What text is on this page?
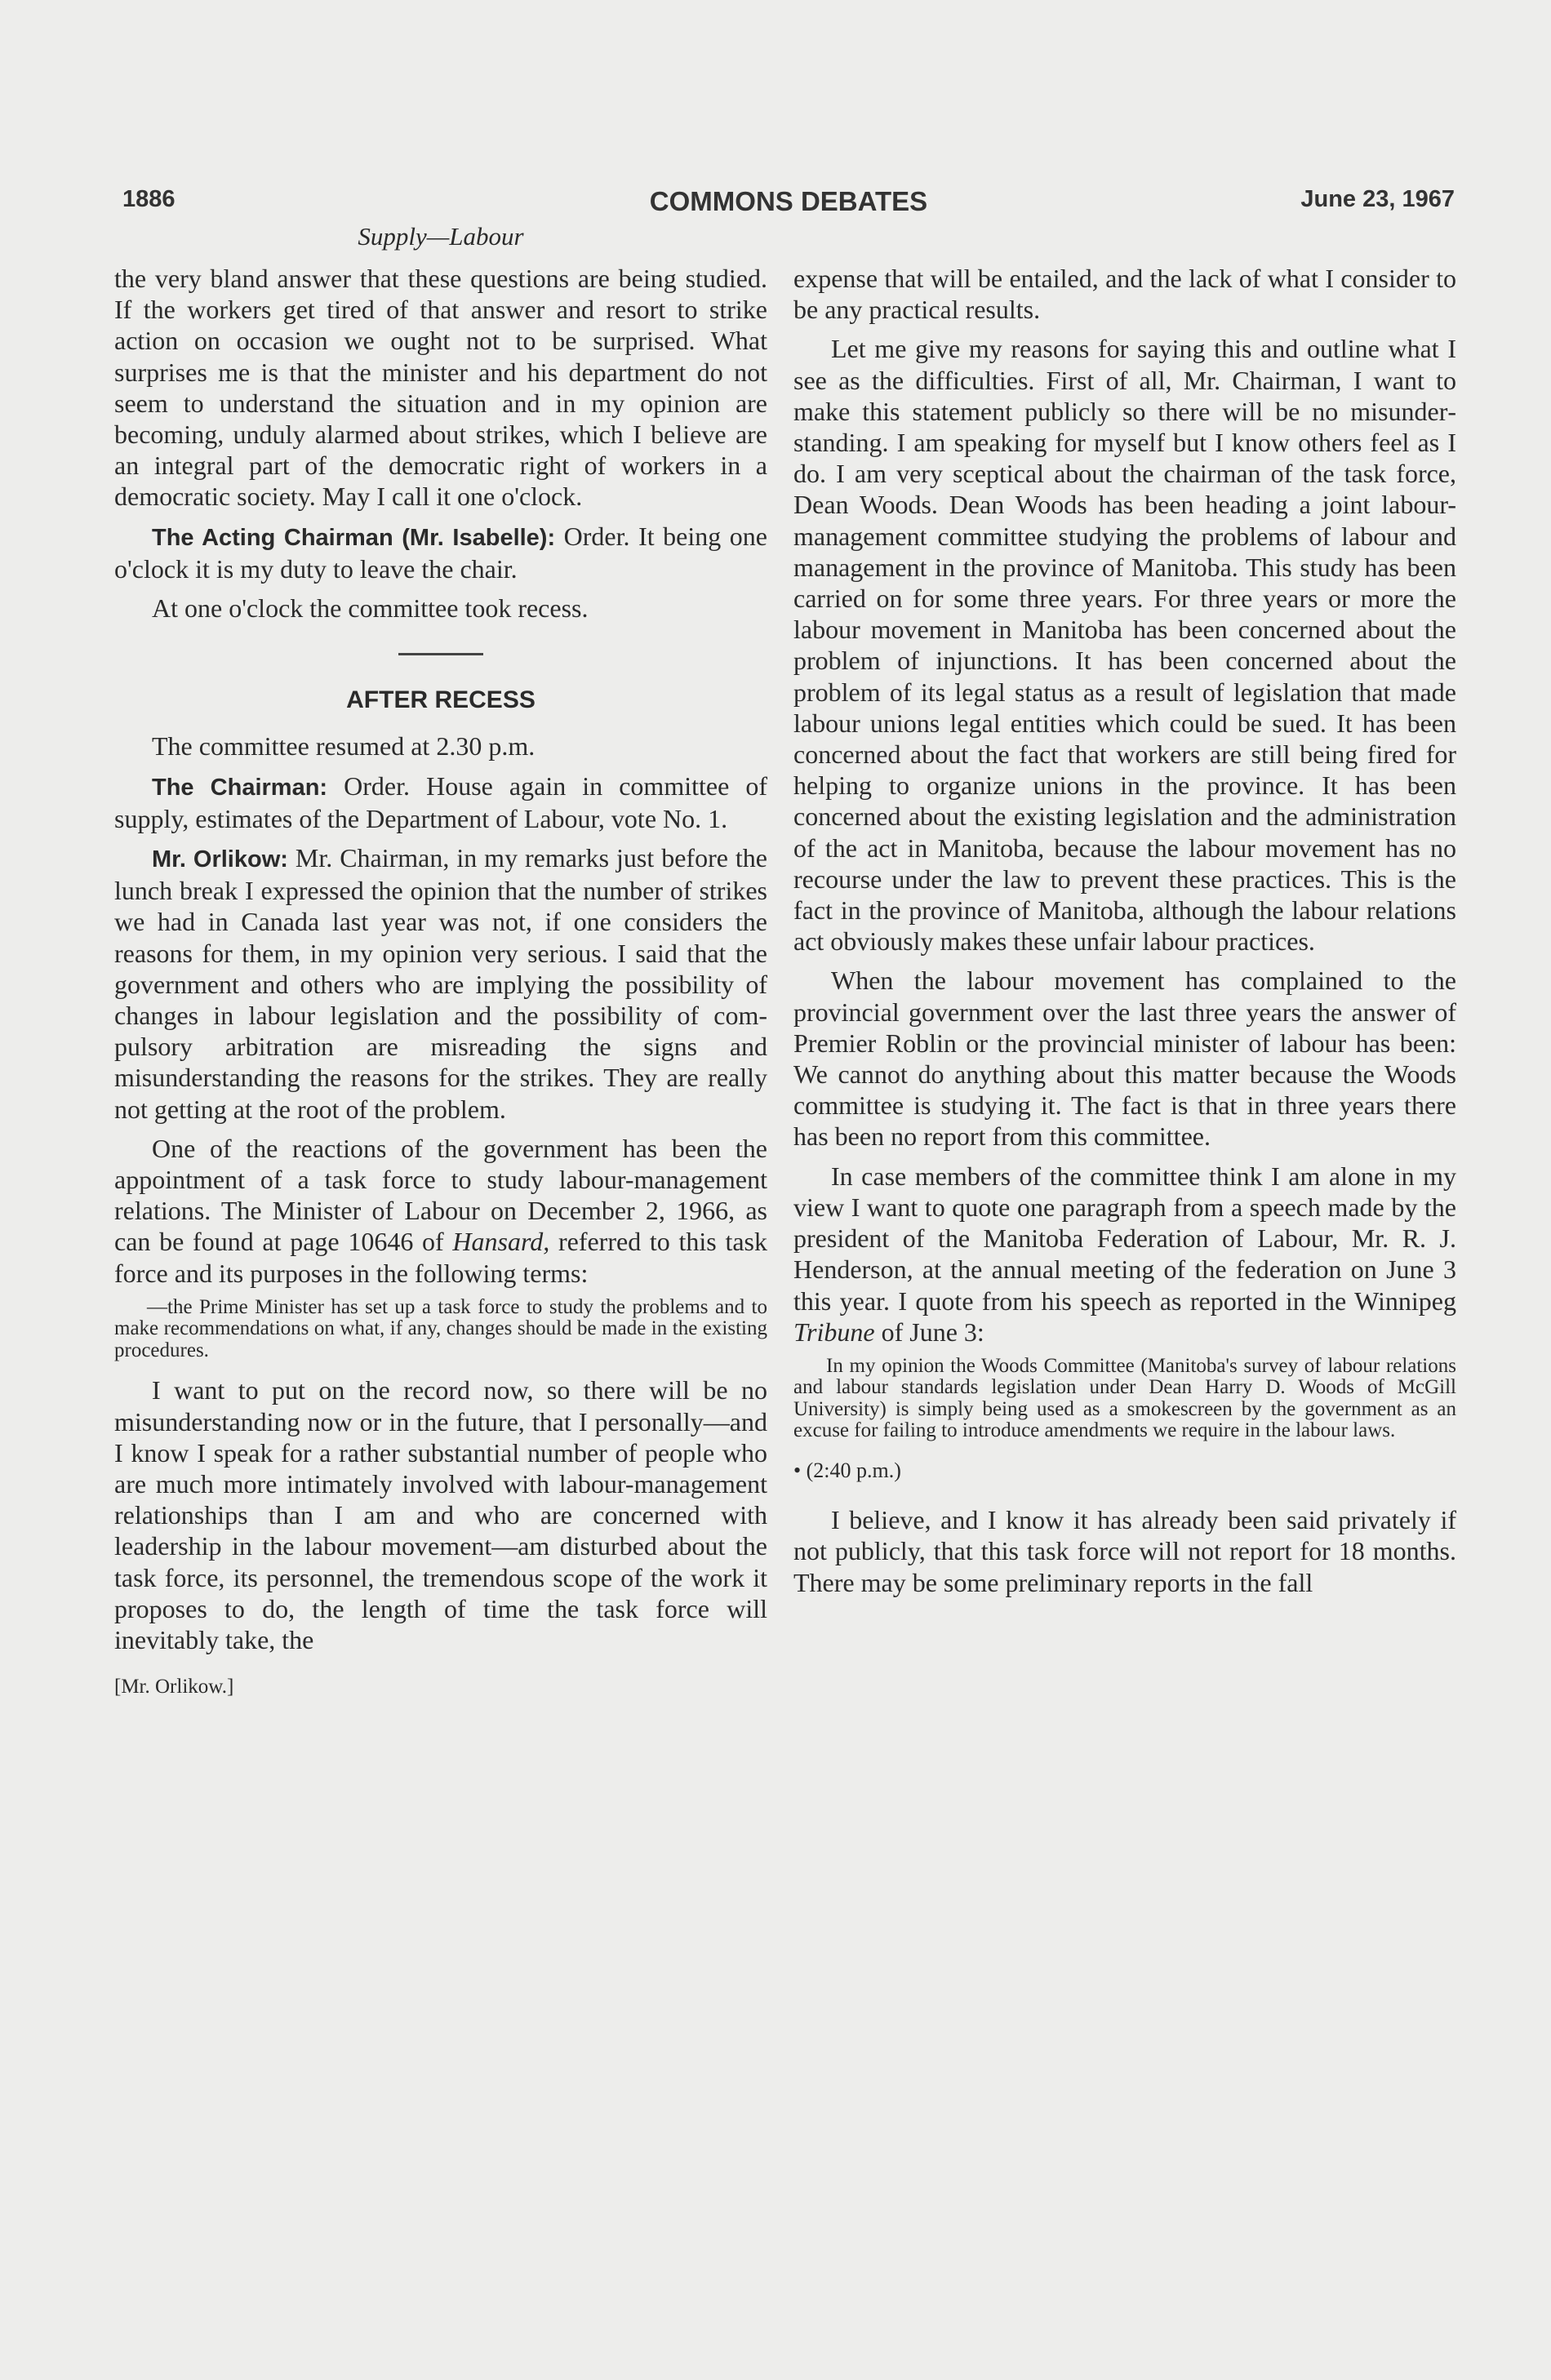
1886	COMMONS DEBATES	June 23, 1967
Supply—Labour

the very bland answer that these questions are being studied. If the workers get tired of that answer and resort to strike action on occasion we ought not to be surprised. What surprises me is that the minister and his department do not seem to understand the situation and in my opinion are becoming, unduly alarmed about strikes, which I believe are an integral part of the democratic right of workers in a democratic society. May I call it one o'clock.

The Acting Chairman (Mr. Isabelle): Order. It being one o'clock it is my duty to leave the chair.

At one o'clock the committee took recess.

AFTER RECESS

The committee resumed at 2.30 p.m.

The Chairman: Order. House again in committee of supply, estimates of the Department of Labour, vote No. 1.

Mr. Orlikow: Mr. Chairman, in my remarks just before the lunch break I expressed the opinion that the number of strikes we had in Canada last year was not, if one considers the reasons for them, in my opinion very serious. I said that the government and others who are implying the possibility of changes in labour legislation and the possibility of compulsory arbitration are misreading the signs and misunderstanding the reasons for the strikes. They are really not getting at the root of the problem.

One of the reactions of the government has been the appointment of a task force to study labour-management relations. The Minister of Labour on December 2, 1966, as can be found at page 10646 of Hansard, referred to this task force and its purposes in the following terms:

—the Prime Minister has set up a task force to study the problems and to make recommendations on what, if any, changes should be made in the existing procedures.

I want to put on the record now, so there will be no misunderstanding now or in the future, that I personally—and I know I speak for a rather substantial number of people who are much more intimately involved with labour-management relationships than I am and who are concerned with leadership in the labour movement—am disturbed about the task force, its personnel, the tremendous scope of the work it proposes to do, the length of time the task force will inevitably take, the

[Mr. Orlikow.]

expense that will be entailed, and the lack of what I consider to be any practical results.

Let me give my reasons for saying this and outline what I see as the difficulties. First of all, Mr. Chairman, I want to make this statement publicly so there will be no misunderstanding. I am speaking for myself but I know others feel as I do. I am very sceptical about the chairman of the task force, Dean Woods. Dean Woods has been heading a joint labour-management committee studying the problems of labour and management in the province of Manitoba. This study has been carried on for some three years. For three years or more the labour movement in Manitoba has been concerned about the problem of injunctions. It has been concerned about the problem of its legal status as a result of legislation that made labour unions legal entities which could be sued. It has been concerned about the fact that workers are still being fired for helping to organize unions in the province. It has been concerned about the existing legislation and the administration of the act in Manitoba, because the labour movement has no recourse under the law to prevent these practices. This is the fact in the province of Manitoba, although the labour relations act obviously makes these unfair labour practices.

When the labour movement has complained to the provincial government over the last three years the answer of Premier Roblin or the provincial minister of labour has been: We cannot do anything about this matter because the Woods committee is studying it. The fact is that in three years there has been no report from this committee.

In case members of the committee think I am alone in my view I want to quote one paragraph from a speech made by the president of the Manitoba Federation of Labour, Mr. R. J. Henderson, at the annual meeting of the federation on June 3 this year. I quote from his speech as reported in the Winnipeg Tribune of June 3:

In my opinion the Woods Committee (Manitoba's survey of labour relations and labour standards legislation under Dean Harry D. Woods of McGill University) is simply being used as a smokescreen by the government as an excuse for failing to introduce amendments we require in the labour laws.

• (2:40 p.m.)

I believe, and I know it has already been said privately if not publicly, that this task force will not report for 18 months. There may be some preliminary reports in the fall
